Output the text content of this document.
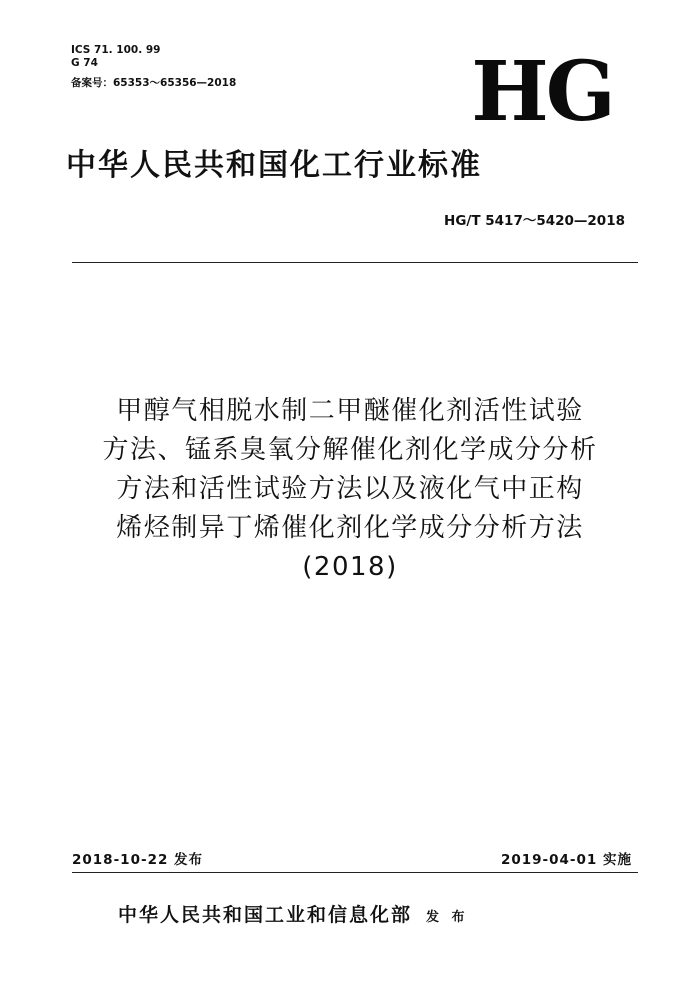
ICS 71. 100. 99
G 74
备案号：65353～65356—2018	HG
中华人民共和国化工行业标准
HG/T 5417～5420—2018
甲醇气相脱水制二甲醚催化剂活性试验
方法、锰系臭氧分解催化剂化学成分分析
方法和活性试验方法以及液化气中正构
烯烃制异丁烯催化剂化学成分分析方法
(2018)
2018-10-22 发布	2019-04-01 实施
中华人民共和国工业和信息化部 发 布
